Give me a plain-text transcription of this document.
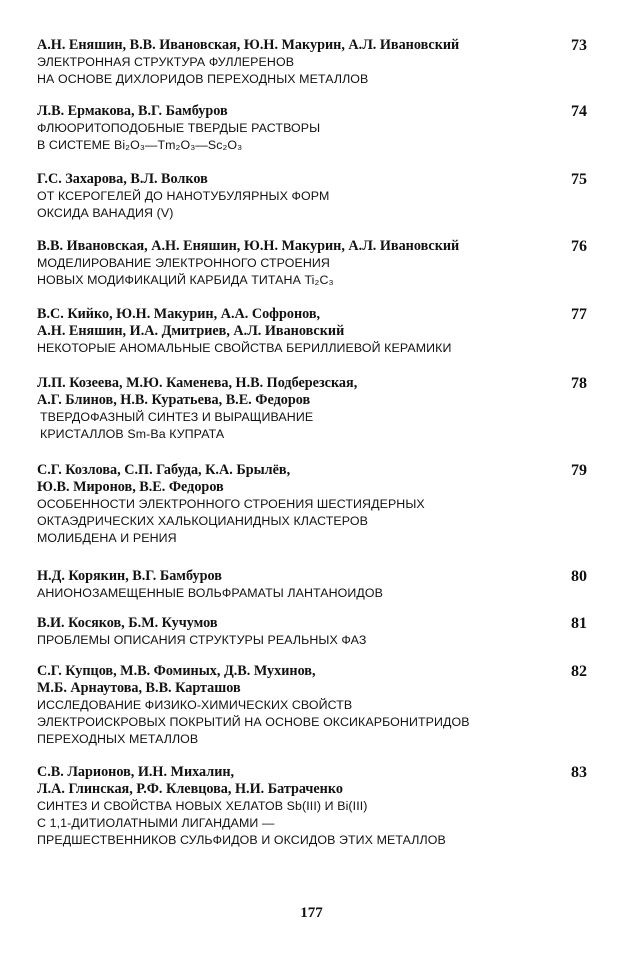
А.Н. Еняшин, В.В. Ивановская, Ю.Н. Макурин, А.Л. Ивановский

ЭЛЕКТРОННАЯ СТРУКТУРА ФУЛЛЕРЕНОВ

НА ОСНОВЕ ДИХЛОРИДОВ ПЕРЕХОДНЫХ МЕТАЛЛОВ

73

Л.В. Ермакова, В.Г. Бамбуров

ФЛЮОРИТОПОДОБНЫЕ ТВЕРДЫЕ РАСТВОРЫ

В СИСТЕМЕ Bi₂O₃—Tm₂O₃—Sc₂O₃

74

Г.С. Захарова, В.Л. Волков

ОТ КСЕРОГЕЛЕЙ ДО НАНОТУБУЛЯРНЫХ ФОРМ

ОКСИДА ВАНАДИЯ (V)

75

В.В. Ивановская, А.Н. Еняшин, Ю.Н. Макурин, А.Л. Ивановский

МОДЕЛИРОВАНИЕ ЭЛЕКТРОННОГО СТРОЕНИЯ

НОВЫХ МОДИФИКАЦИЙ КАРБИДА ТИТАНА Ti₂C₃

76

В.С. Кийко, Ю.Н. Макурин, А.А. Софронов,

А.Н. Еняшин, И.А. Дмитриев, А.Л. Ивановский

НЕКОТОРЫЕ АНОМАЛЬНЫЕ СВОЙСТВА БЕРИЛЛИЕВОЙ КЕРАМИКИ

77

Л.П. Козеева, М.Ю. Каменева, Н.В. Подберезская,

А.Г. Блинов, Н.В. Куратьева, В.Е. Федоров

ТВЕРДОФАЗНЫЙ СИНТЕЗ И ВЫРАЩИВАНИЕ

КРИСТАЛЛОВ Sm-Ba КУПРАТА

78

С.Г. Козлова, С.П. Габуда, К.А. Брылёв,

Ю.В. Миронов, В.Е. Федоров

ОСОБЕННОСТИ ЭЛЕКТРОННОГО СТРОЕНИЯ ШЕСТИЯДЕРНЫХ

ОКТАЭДРИЧЕСКИХ ХАЛЬКОЦИАНИДНЫХ КЛАСТЕРОВ

МОЛИБДЕНА И РЕНИЯ

79

Н.Д. Корякин, В.Г. Бамбуров

АНИОНОЗАМЕЩЕННЫЕ ВОЛЬФРАМАТЫ ЛАНТАНОИДОВ

80

В.И. Косяков, Б.М. Кучумов

ПРОБЛЕМЫ ОПИСАНИЯ СТРУКТУРЫ РЕАЛЬНЫХ ФАЗ

81

С.Г. Купцов, М.В. Фоминых, Д.В. Мухинов,

М.Б. Арнаутова, В.В. Карташов

ИССЛЕДОВАНИЕ ФИЗИКО-ХИМИЧЕСКИХ СВОЙСТВ

ЭЛЕКТРОИСКРОВЫХ ПОКРЫТИЙ НА ОСНОВЕ ОКСИКАРБОНИТРИДОВ

ПЕРЕХОДНЫХ МЕТАЛЛОВ

82

С.В. Ларионов, И.Н. Михалин,

Л.А. Глинская, Р.Ф. Клевцова, Н.И. Батраченко

СИНТЕЗ И СВОЙСТВА НОВЫХ ХЕЛАТОВ Sb(III) И Bi(III)

С 1,1-ДИТИОЛАТНЫМИ ЛИГАНДАМИ —

ПРЕДШЕСТВЕННИКОВ СУЛЬФИДОВ И ОКСИДОВ ЭТИХ МЕТАЛЛОВ

83

177
